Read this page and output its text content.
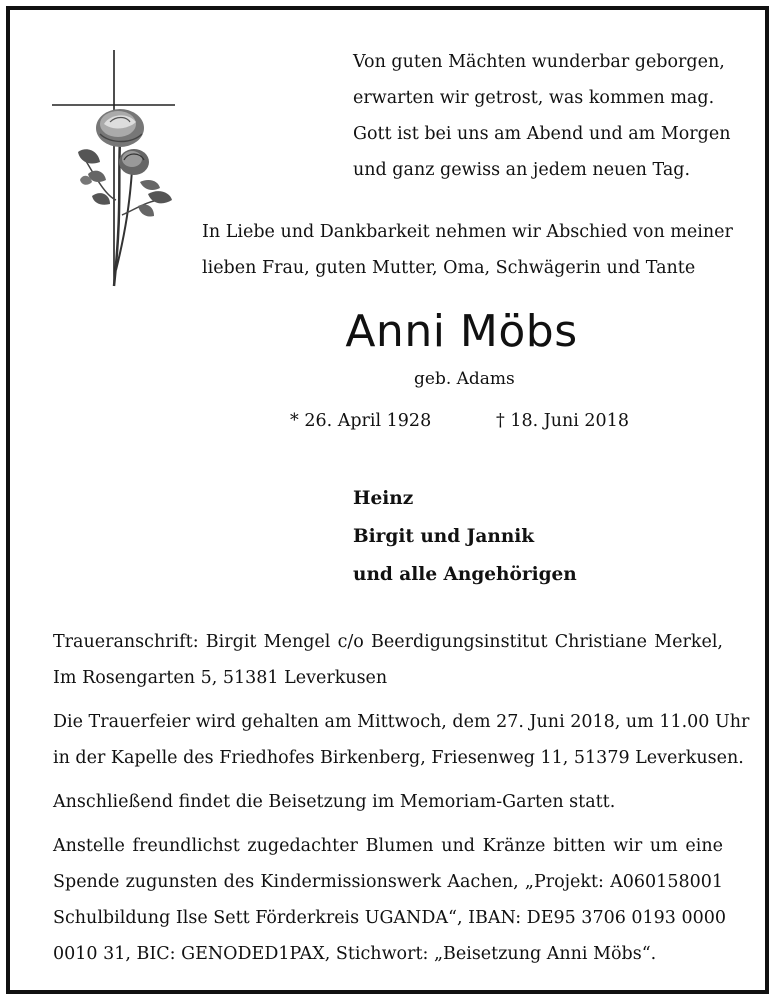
Von guten Mächten wunderbar geborgen,
erwarten wir getrost, was kommen mag.
Gott ist bei uns am Abend und am Morgen
und ganz gewiss an jedem neuen Tag.
In Liebe und Dankbarkeit nehmen wir Abschied von meiner
lieben Frau, guten Mutter, Oma, Schwägerin und Tante
Anni Möbs
geb. Adams
* 26. April 1928	† 18. Juni 2018
Heinz
Birgit und Jannik
und alle Angehörigen
Traueranschrift: Birgit Mengel c/o Beerdigungsinstitut Christiane Merkel,
Im Rosengarten 5, 51381 Leverkusen
Die Trauerfeier wird gehalten am Mittwoch, dem 27. Juni 2018, um 11.00 Uhr
in der Kapelle des Friedhofes Birkenberg, Friesenweg 11, 51379 Leverkusen.
Anschließend findet die Beisetzung im Memoriam-Garten statt.
Anstelle freundlichst zugedachter Blumen und Kränze bitten wir um eine
Spende zugunsten des Kindermissionswerk Aachen, „Projekt: A060158001
Schulbildung Ilse Sett Förderkreis UGANDA“, IBAN: DE95 3706 0193 0000
0010 31, BIC: GENODED1PAX, Stichwort: „Beisetzung Anni Möbs“.
